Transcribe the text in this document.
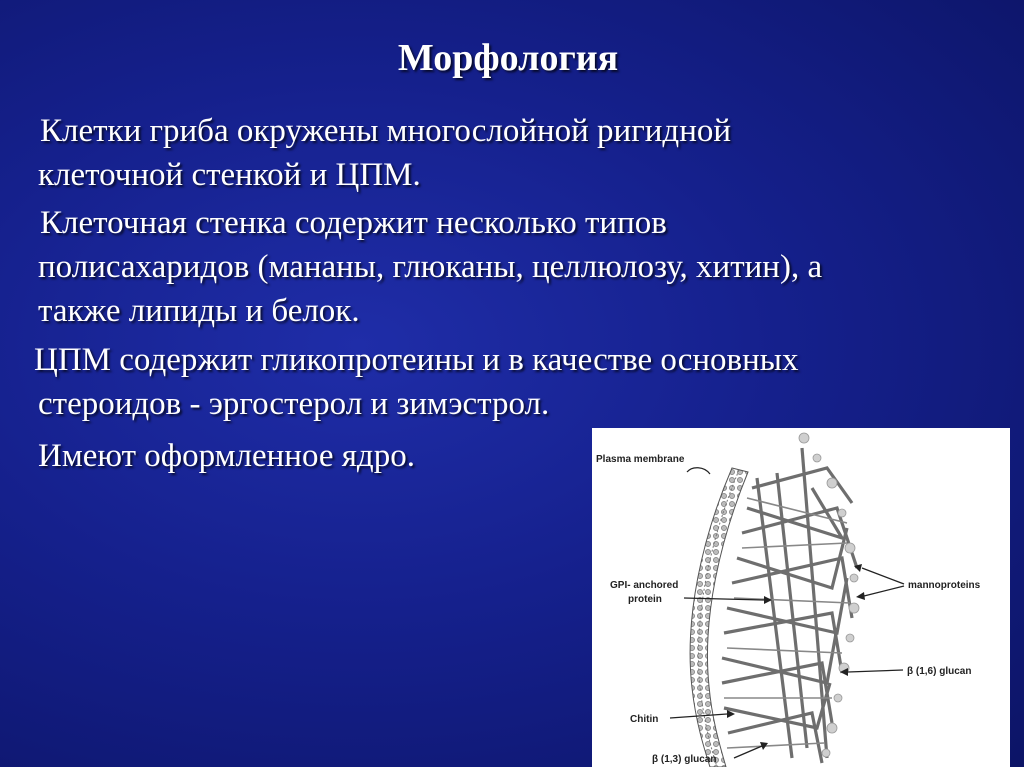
Морфология
Клетки гриба окружены многослойной ригидной
клеточной стенкой и ЦПМ.
Клеточная стенка содержит несколько типов
полисахаридов (мананы, глюканы, целлюлозу, хитин), а
также липиды и белок.
ЦПМ содержит гликопротеины и в качестве основных
стероидов - эргостерол и зимэстрол.
Имеют оформленное ядро.	Plasma membrane
GPI- anchored
protein
mannoproteins
β (1,6) glucan
Chitin
β (1,3) glucan
